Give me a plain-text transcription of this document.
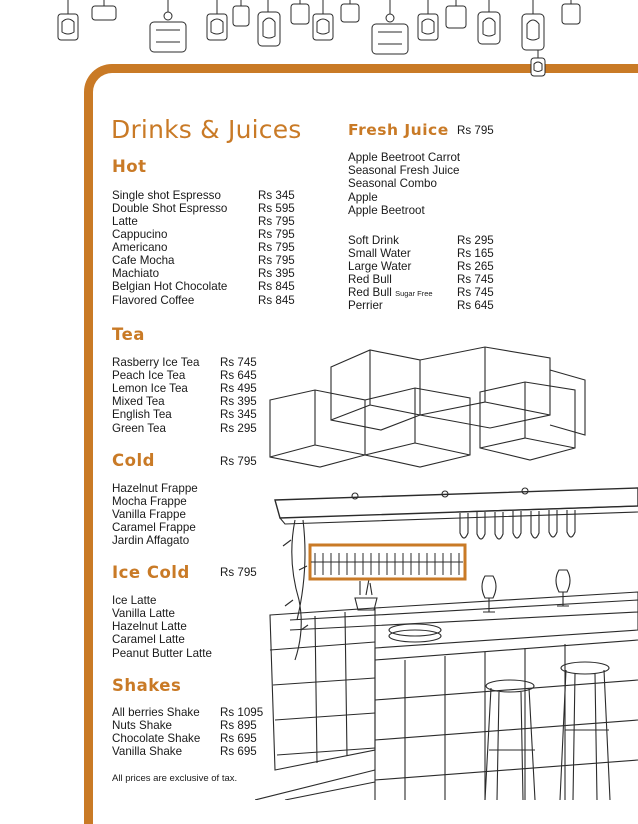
Drinks & Juices
Hot
Single shot Espresso	Rs 345
Double Shot Espresso	Rs 595
Latte	Rs 795
Cappucino	Rs 795
Americano	Rs 795
Cafe Mocha	Rs 795
Machiato	Rs 395
Belgian Hot Chocolate	Rs 845
Flavored Coffee	Rs 845
Tea
Rasberry Ice Tea Rs 745
Peach Ice Tea	Rs 645
Lemon Ice Tea	Rs 495
Mixed Tea	Rs 395
English Tea	Rs 345
Green Tea	Rs 295
Cold	Rs 795
Hazelnut Frappe
Mocha Frappe
Vanilla Frappe
Caramel Frappe
Jardin Affagato
Ice Cold	Rs 795
Ice Latte
Vanilla Latte
Hazelnut Latte
Caramel Latte
Peanut Butter Latte
Shakes
All berries Shake Rs 1095
Nuts Shake	Rs 895
Chocolate Shake Rs 695
Vanilla Shake	Rs 695
All prices are exclusive of tax.
Fresh Juice Rs 795
Apple Beetroot Carrot
Seasonal Fresh Juice
Seasonal Combo
Apple
Apple Beetroot
Soft Drink	Rs 295
Small Water	Rs 165
Large Water	Rs 265
Red Bull	Rs 745
Red Bull Sugar Free Rs 745
Perrier	Rs 645
